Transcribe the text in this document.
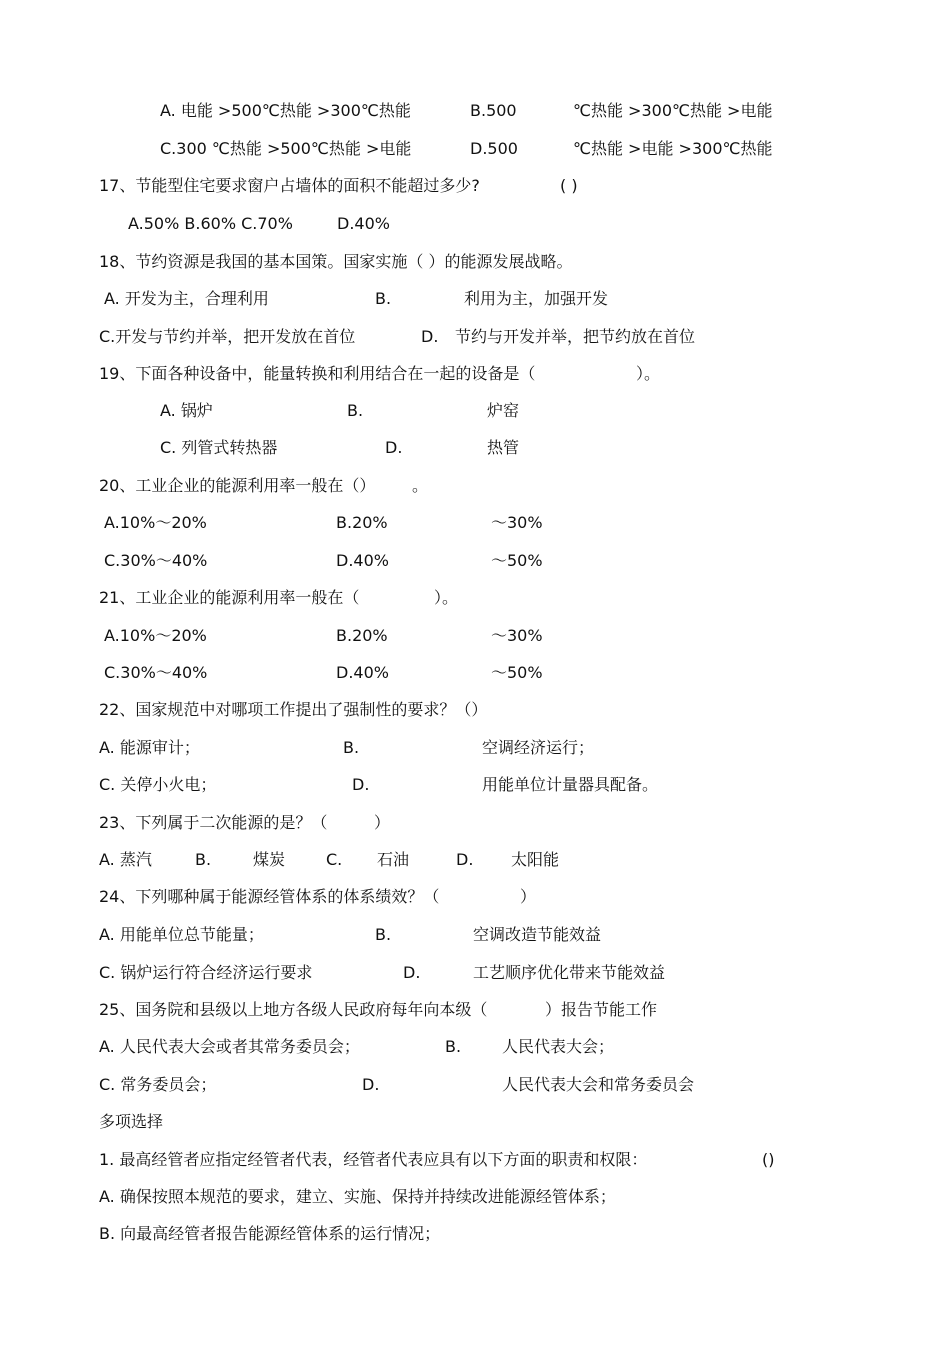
A. 电能 >500℃热能 >300℃热能	B.500	℃热能 >300℃热能 >电能
C.300 ℃热能 >500℃热能 >电能	D.500	℃热能 >电能 >300℃热能
17、节能型住宅要求窗户占墙体的面积不能超过多少?	( )
A.50% B.60% C.70%	D.40%
18、节约资源是我国的基本国策。国家实施（ ）的能源发展战略。
A. 开发为主，合理利用	B.	利用为主，加强开发
C.开发与节约并举，把开发放在首位	D. 节约与开发并举，把节约放在首位
19、下面各种设备中，能量转换和利用结合在一起的设备是（	）。
A. 锅炉	B.	炉窑
C. 列管式转热器	D.	热管
20、工业企业的能源利用率一般在（） 。
A.10%～20%	B.20%	～30%
C.30%～40%	D.40%	～50%
21、工业企业的能源利用率一般在（	）。
A.10%～20%	B.20%	～30%
C.30%～40%	D.40%	～50%
22、国家规范中对哪项工作提出了强制性的要求？（）
A. 能源审计；	B.	空调经济运行；
C. 关停小火电；	D.	用能单位计量器具配备。
23、下列属于二次能源的是？（	）
A. 蒸汽	B.	煤炭	C. 石油	D. 太阳能
24、下列哪种属于能源经管体系的体系绩效？（	）
A. 用能单位总节能量；	B.	空调改造节能效益
C. 锅炉运行符合经济运行要求	D.	工艺顺序优化带来节能效益
25、国务院和县级以上地方各级人民政府每年向本级（	）报告节能工作
A. 人民代表大会或者其常务委员会；	B.	人民代表大会；
C. 常务委员会；	D.	人民代表大会和常务委员会
多项选择
1. 最高经管者应指定经管者代表，经管者代表应具有以下方面的职责和权限：	()
A. 确保按照本规范的要求，建立、实施、保持并持续改进能源经管体系；
B. 向最高经管者报告能源经管体系的运行情况；
